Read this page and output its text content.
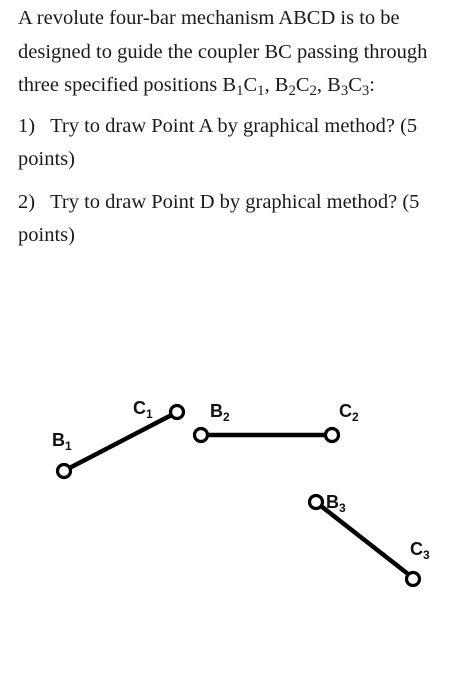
A revolute four-bar mechanism ABCD is to be designed to guide the coupler BC passing through three specified positions $B_1C_1$, $B_2C_2$, $B_3C_3$:

1) Try to draw Point A by graphical method? (5 points)

2) Try to draw Point D by graphical method? (5 points)

$B_1$
$C_1$	$B_2$	$C_2$
$B_3$
$C_3$
